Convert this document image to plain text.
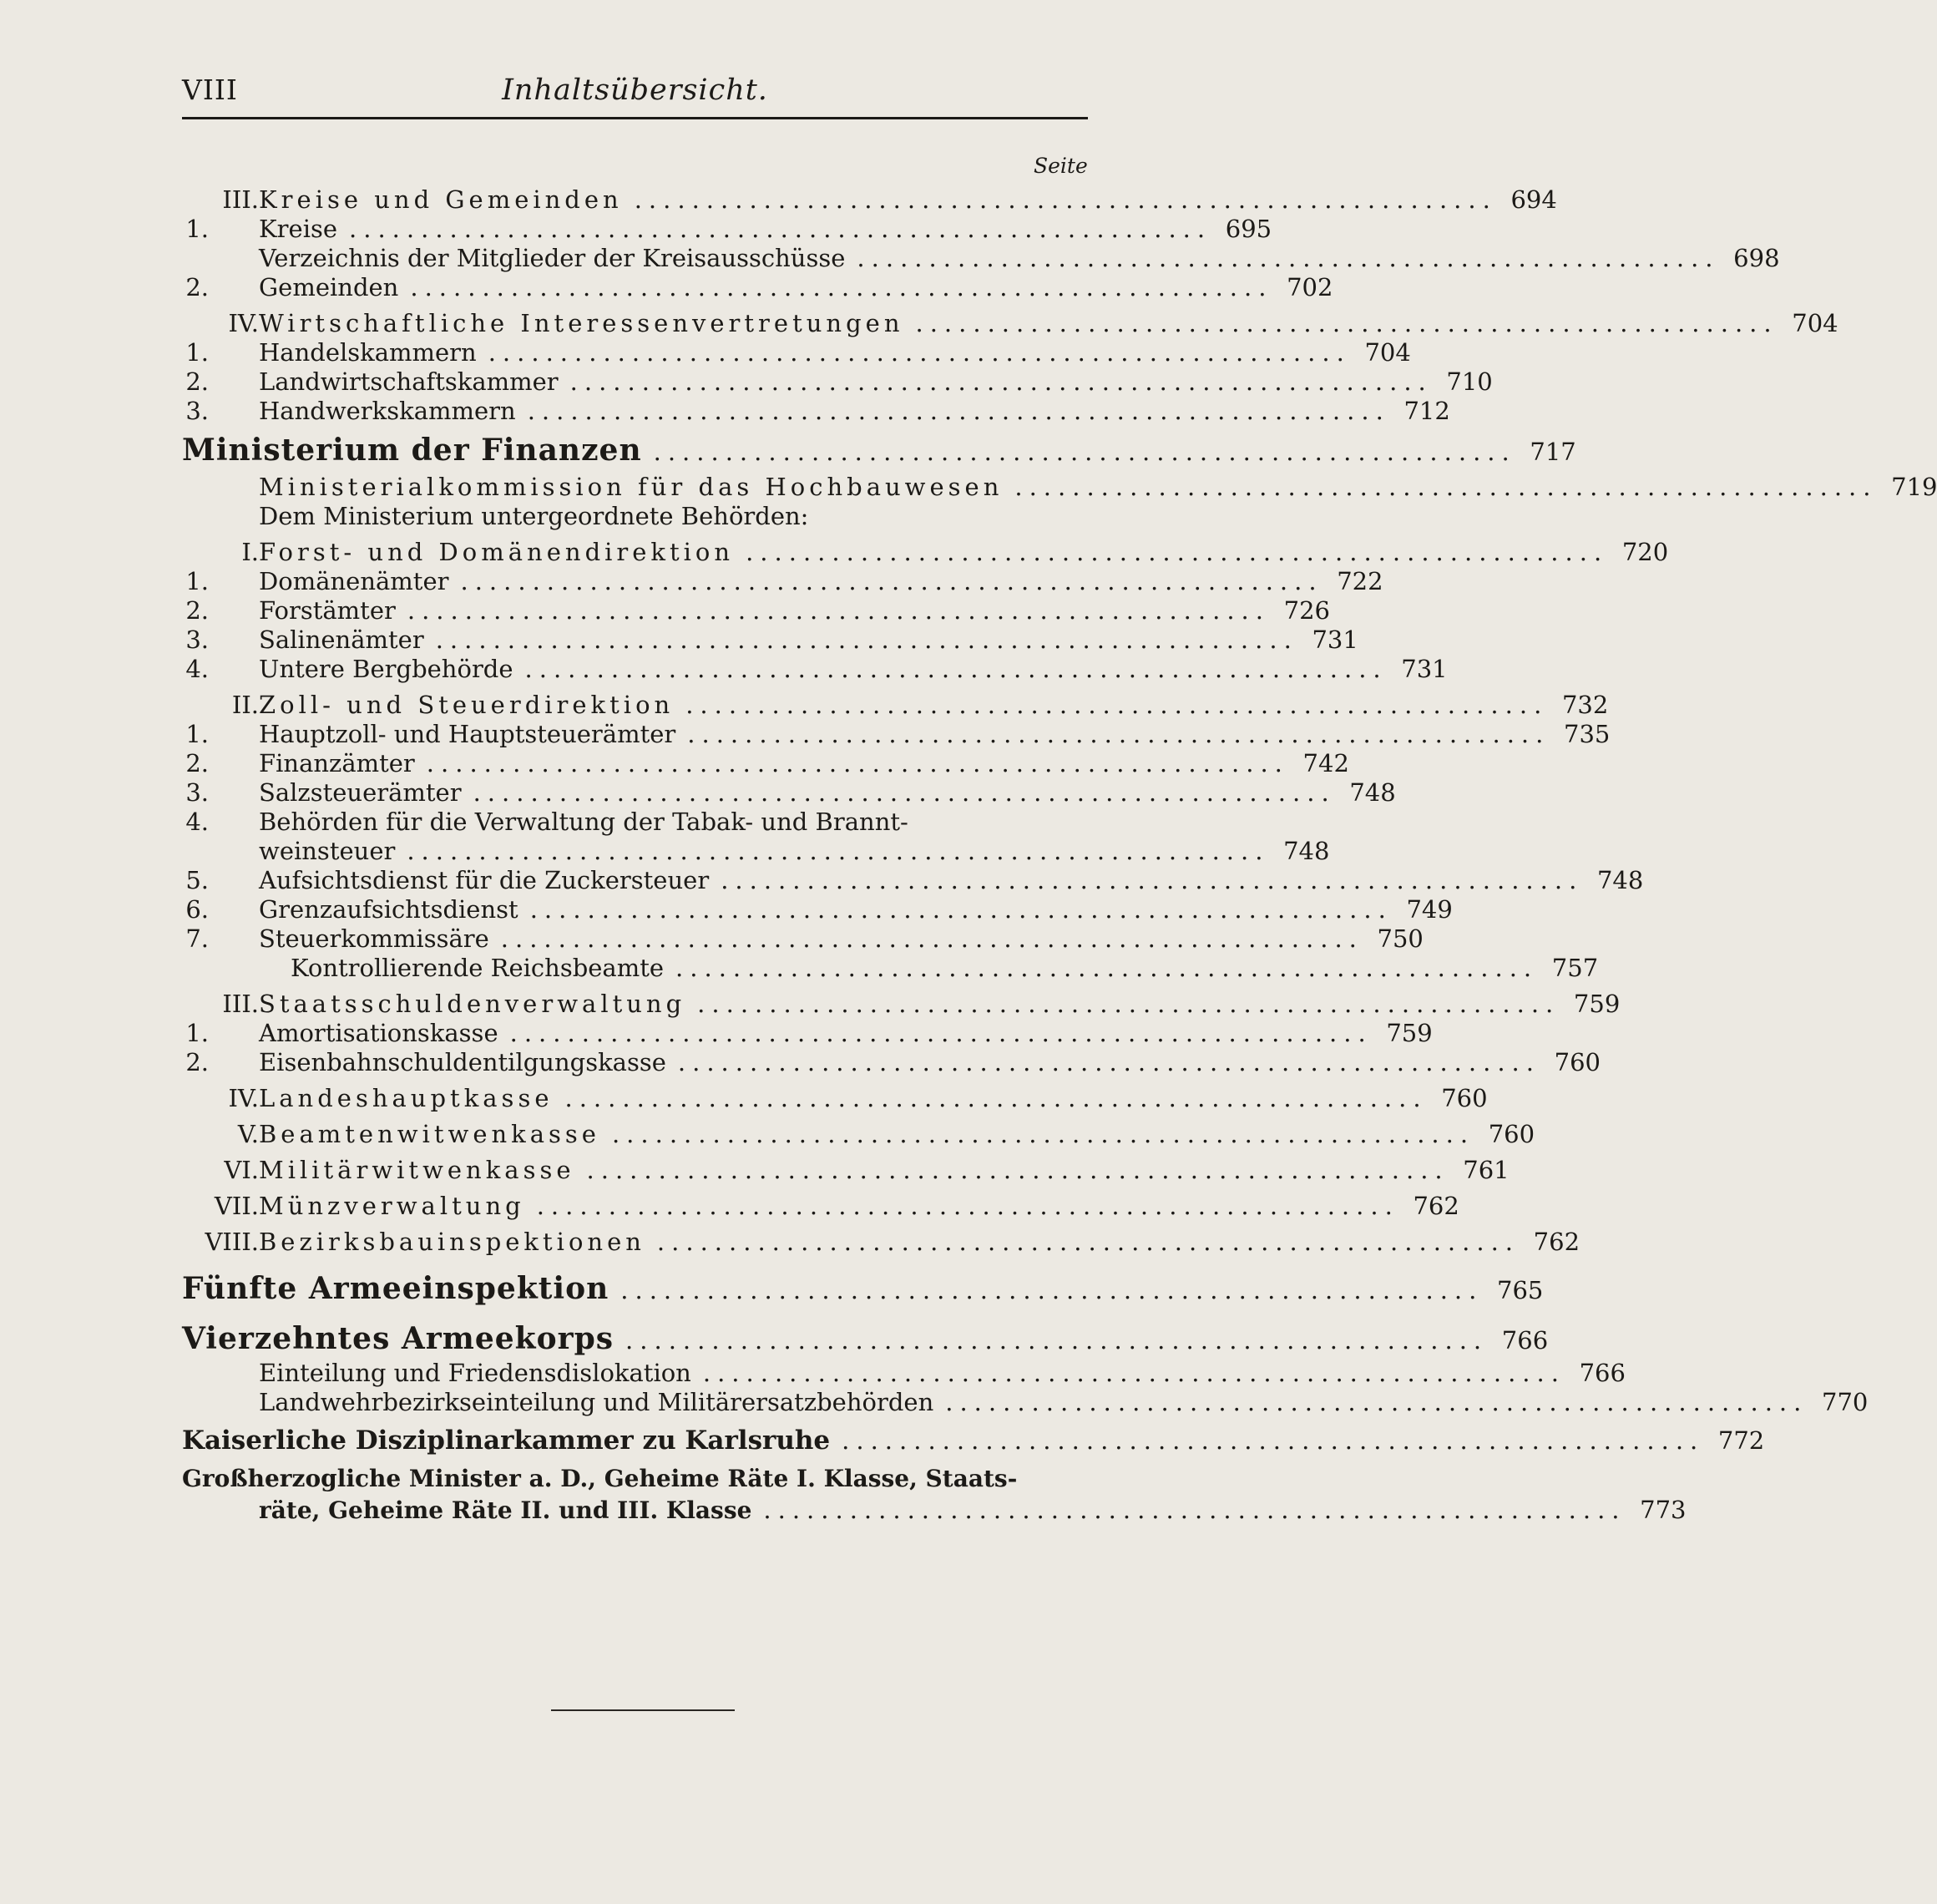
VIII	Inhaltsübersicht.
Seite
III. Kreise und Gemeinden ............................................................ 694
1. Kreise ............................................................ 695
Verzeichnis der Mitglieder der Kreisausschüsse ............................................................ 698
2. Gemeinden ............................................................ 702
IV. Wirtschaftliche Interessenvertretungen ............................................................ 704
1. Handelskammern ............................................................ 704
2. Landwirtschaftskammer ............................................................ 710
3. Handwerkskammern ............................................................ 712
Ministerium der Finanzen ............................................................ 717
Ministerialkommission für das Hochbauwesen ............................................................ 719
Dem Ministerium untergeordnete Behörden:
I. Forst- und Domänendirektion ............................................................ 720
1. Domänenämter ............................................................ 722
2. Forstämter ............................................................ 726
3. Salinenämter ............................................................ 731
4. Untere Bergbehörde ............................................................ 731
II. Zoll- und Steuerdirektion ............................................................ 732
1. Hauptzoll- und Hauptsteuerämter ............................................................ 735
2. Finanzämter ............................................................ 742
3. Salzsteuerämter ............................................................ 748
4. Behörden für die Verwaltung der Tabak- und Brannt-
weinsteuer ............................................................ 748
5. Aufsichtsdienst für die Zuckersteuer ............................................................ 748
6. Grenzaufsichtsdienst ............................................................ 749
7. Steuerkommissäre ............................................................ 750
Kontrollierende Reichsbeamte ............................................................ 757
III. Staatsschuldenverwaltung ............................................................ 759
1. Amortisationskasse ............................................................ 759
2. Eisenbahnschuldentilgungskasse ............................................................ 760
IV. Landeshauptkasse ............................................................ 760
V. Beamtenwitwenkasse ............................................................ 760
VI. Militärwitwenkasse ............................................................ 761
VII. Münzverwaltung ............................................................ 762
VIII. Bezirksbauinspektionen ............................................................ 762
Fünfte Armeeinspektion ............................................................ 765
Vierzehntes Armeekorps ............................................................ 766
Einteilung und Friedensdislokation ............................................................ 766
Landwehrbezirkseinteilung und Militärersatzbehörden ............................................................ 770
Kaiserliche Disziplinarkammer zu Karlsruhe ............................................................ 772
Großherzogliche Minister a. D., Geheime Räte I. Klasse, Staats-
räte, Geheime Räte II. und III. Klasse ............................................................ 773
